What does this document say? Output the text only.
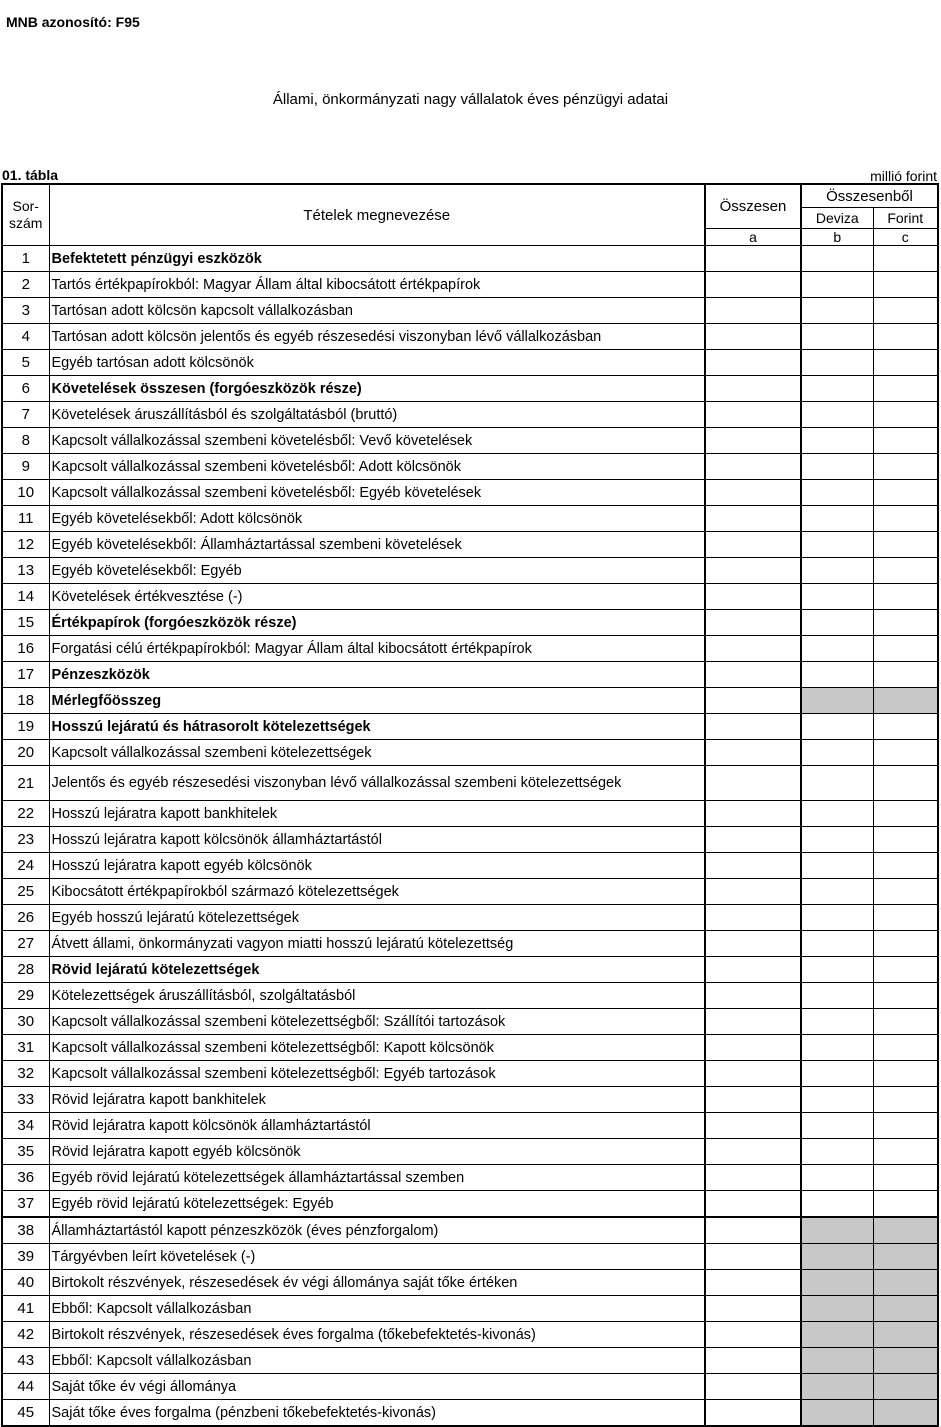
MNB azonosító: F95
Állami, önkormányzati nagy vállalatok éves pénzügyi adatai
01. tábla	millió forint
Sor-szám	Tételek megnevezése	Összesen	Összesenből	
			Deviza	Forint
		a	b	c
1	Befektetett pénzügyi eszközök			
2	Tartós értékpapírokból: Magyar Állam által kibocsátott értékpapírok			
3	Tartósan adott kölcsön kapcsolt vállalkozásban			
4	Tartósan adott kölcsön jelentős és egyéb részesedési viszonyban lévő vállalkozásban			
5	Egyéb tartósan adott kölcsönök			
6	Követelések összesen (forgóeszközök része)			
7	Követelések áruszállításból és szolgáltatásból (bruttó)			
8	Kapcsolt vállalkozással szembeni követelésből: Vevő követelések			
9	Kapcsolt vállalkozással szembeni követelésből: Adott kölcsönök			
10	Kapcsolt vállalkozással szembeni követelésből: Egyéb követelések			
11	Egyéb követelésekből: Adott kölcsönök			
12	Egyéb követelésekből: Államháztartással szembeni követelések			
13	Egyéb követelésekből: Egyéb			
14	Követelések értékvesztése (-)			
15	Értékpapírok (forgóeszközök része)			
16	Forgatási célú értékpapírokból: Magyar Állam által kibocsátott értékpapírok			
17	Pénzeszközök			
18	Mérlegfőösszeg			
19	Hosszú lejáratú és hátrasorolt kötelezettségek			
20	Kapcsolt vállalkozással szembeni kötelezettségek			
21	Jelentős és egyéb részesedési viszonyban lévő vállalkozással szembeni kötelezettségek			
22	Hosszú lejáratra kapott bankhitelek			
23	Hosszú lejáratra kapott kölcsönök államháztartástól			
24	Hosszú lejáratra kapott egyéb kölcsönök			
25	Kibocsátott értékpapírokból származó kötelezettségek			
26	Egyéb hosszú lejáratú kötelezettségek			
27	Átvett állami, önkormányzati vagyon miatti hosszú lejáratú kötelezettség			
28	Rövid lejáratú kötelezettségek			
29	Kötelezettségek áruszállításból, szolgáltatásból			
30	Kapcsolt vállalkozással szembeni kötelezettségből: Szállítói tartozások			
31	Kapcsolt vállalkozással szembeni kötelezettségből: Kapott kölcsönök			
32	Kapcsolt vállalkozással szembeni kötelezettségből: Egyéb tartozások			
33	Rövid lejáratra kapott bankhitelek			
34	Rövid lejáratra kapott kölcsönök államháztartástól			
35	Rövid lejáratra kapott egyéb kölcsönök			
36	Egyéb rövid lejáratú kötelezettségek államháztartással szemben			
37	Egyéb rövid lejáratú kötelezettségek: Egyéb			
38	Államháztartástól kapott pénzeszközök (éves pénzforgalom)			
39	Tárgyévben leírt követelések (-)			
40	Birtokolt részvények, részesedések év végi állománya saját tőke értéken			
41	Ebből: Kapcsolt vállalkozásban			
42	Birtokolt részvények, részesedések éves forgalma (tőkebefektetés-kivonás)			
43	Ebből: Kapcsolt vállalkozásban			
44	Saját tőke év végi állománya			
45	Saját tőke éves forgalma (pénzbeni tőkebefektetés-kivonás)			
